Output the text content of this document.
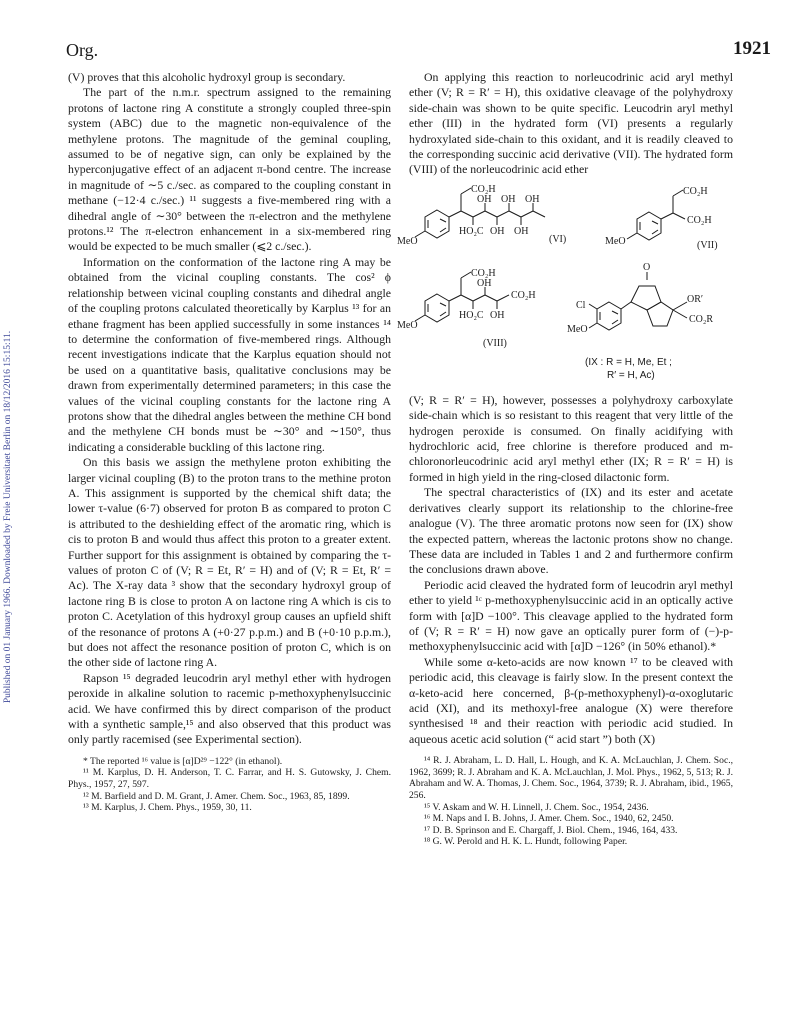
Org.	1921
Published on 01 January 1966. Downloaded by Freie Universitaet Berlin on 18/12/2016 15:15:11.

(V) proves that this alcoholic hydroxyl group is secondary.

The part of the n.m.r. spectrum assigned to the remaining protons of lactone ring A constitute a strongly coupled three-spin system (ABC) due to the magnetic non-equivalence of the methylene protons. The magnitude of the geminal coupling, assumed to be of negative sign, can only be explained by the hyperconjugative effect of an adjacent π-bond centre. The increase in magnitude of ∼5 c./sec. as compared to the coupling constant in methane (−12·4 c./sec.) ¹¹ suggests a five-membered ring with a dihedral angle of ∼30° between the π-electron and the methylene protons.¹² The π-electron enhancement in a six-membered ring would be expected to be much smaller (⩽2 c./sec.).

Information on the conformation of the lactone ring A may be obtained from the vicinal coupling constants. The cos² ϕ relationship between vicinal coupling constants and dihedral angle of the coupling protons calculated theoretically by Karplus ¹³ for an ethane fragment has been applied successfully in some instances ¹⁴ to determine the conformation of five-membered rings. Although recent investigations indicate that the Karplus equation should not be used on a quantitative basis, qualitative conclusions may be drawn from experimentally determined parameters; in this case the values of the vicinal coupling constants for the lactone ring A protons show that the dihedral angles between the methine CH bond and the methylene CH bonds must be ∼30° and ∼150°, thus indicating a considerable buckling of this lactone ring.

On this basis we assign the methylene proton exhibiting the larger vicinal coupling (B) to the proton trans to the methine proton A. This assignment is supported by the chemical shift data; the lower τ-value (6·7) observed for proton B as compared to proton C is attributed to the deshielding effect of the aromatic ring, which is cis to proton B and would thus affect this proton to a greater extent. Further support for this assignment is obtained by comparing the τ-values of proton C of (V; R = Et, R′ = H) and of (V; R = Et, R′ = Ac). The X-ray data ³ show that the secondary hydroxyl group of lactone ring B is close to proton A on lactone ring A which is cis to proton C. Acetylation of this hydroxyl group causes an upfield shift of the resonance of protons A (+0·27 p.p.m.) and B (+0·10 p.p.m.), but does not affect the resonance position of proton C, which is on the other side of lactone ring A.

Rapson ¹⁵ degraded leucodrin aryl methyl ether with hydrogen peroxide in alkaline solution to racemic p-methoxyphenylsuccinic acid. We have confirmed this by direct comparison of the product with a synthetic sample,¹⁵ and also observed that this product was only partly racemised (see Experimental section).

* The reported ¹⁶ value is [α]D²⁹ −122° (in ethanol).

¹¹ M. Karplus, D. H. Anderson, T. C. Farrar, and H. S. Gutowsky, J. Chem. Phys., 1957, 27, 597.

¹² M. Barfield and D. M. Grant, J. Amer. Chem. Soc., 1963, 85, 1899.

¹³ M. Karplus, J. Chem. Phys., 1959, 30, 11.

On applying this reaction to norleucodrinic acid aryl methyl ether (V; R = R′ = H), this oxidative cleavage of the polyhydroxy side-chain was shown to be quite specific. Leucodrin aryl methyl ether (III) in the hydrated form (VI) presents a regularly hydroxylated side-chain to this oxidant, and it is readily cleaved to the corresponding succinic acid derivative (VII). The hydrated form (VIII) of the norleucodrinic acid ether

CO₂H
OH OH OH
HO₂C OH OH
MeO	(VI)
CO₂H
CO₂H
MeO	(VII)
CO₂H
OH
CO₂H
HO₂C OH
MeO
(VIII)
O
OR′
Cl
CO₂R
MeO
(IX : R = H, Me, Et ;
R′ = H, Ac)

(V; R = R′ = H), however, possesses a polyhydroxy carboxylate side-chain which is so resistant to this reagent that very little of the hydrogen peroxide is consumed. On finally acidifying with hydrochloric acid, free chlorine is therefore produced and m-chloronorleucodrinic acid aryl methyl ether (IX; R = R′ = H) is formed in high yield in the ring-closed dilactonic form.

The spectral characteristics of (IX) and its ester and acetate derivatives clearly support its relationship to the chlorine-free analogue (V). The three aromatic protons now seen for (IX) show the expected pattern, whereas the lactonic protons show no change. These data are included in Tables 1 and 2 and furthermore confirm the conclusions drawn above.

Periodic acid cleaved the hydrated form of leucodrin aryl methyl ether to yield ¹ᶜ p-methoxyphenylsuccinic acid in an optically active form with [α]D −100°. This cleavage applied to the hydrated form of (V; R = R′ = H) now gave an optically purer form of (−)-p-methoxyphenylsuccinic acid with [α]D −126° (in 50% ethanol).*

While some α-keto-acids are now known ¹⁷ to be cleaved with periodic acid, this cleavage is fairly slow. In the present context the α-keto-acid here concerned, β-(p-methoxyphenyl)-α-oxoglutaric acid (XI), and its methoxyl-free analogue (X) were therefore synthesised ¹⁸ and their reaction with periodic acid studied. In aqueous acetic acid solution (“ acid start ”) both (X)

¹⁴ R. J. Abraham, L. D. Hall, L. Hough, and K. A. McLauchlan, J. Chem. Soc., 1962, 3699; R. J. Abraham and K. A. McLauchlan, J. Mol. Phys., 1962, 5, 513; R. J. Abraham and W. A. Thomas, J. Chem. Soc., 1964, 3739; R. J. Abraham, ibid., 1965, 256.

¹⁵ V. Askam and W. H. Linnell, J. Chem. Soc., 1954, 2436.

¹⁶ M. Naps and I. B. Johns, J. Amer. Chem. Soc., 1940, 62, 2450.

¹⁷ D. B. Sprinson and E. Chargaff, J. Biol. Chem., 1946, 164, 433.

¹⁸ G. W. Perold and H. K. L. Hundt, following Paper.
